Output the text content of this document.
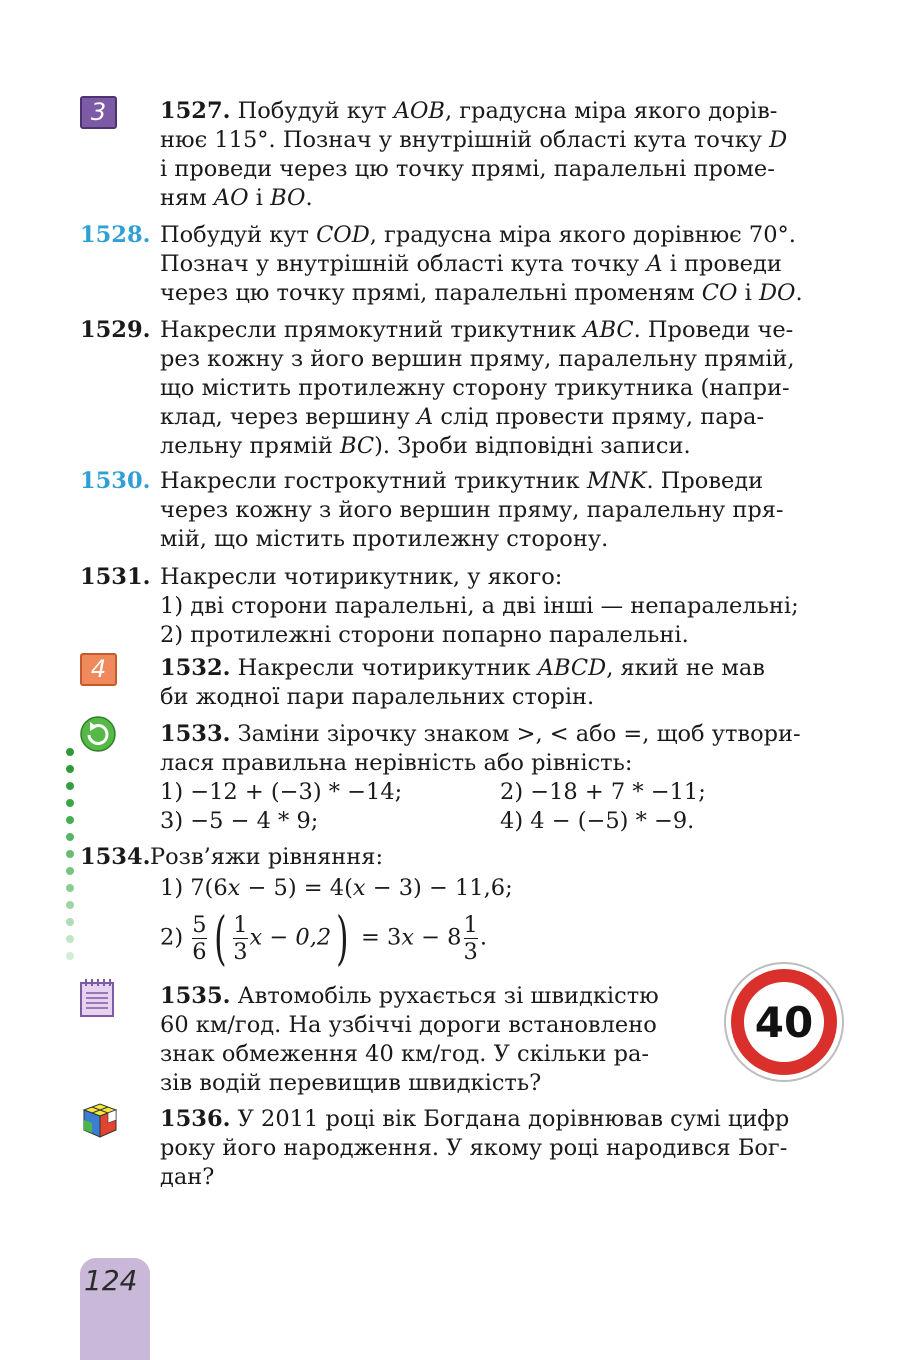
3
4
1527. Побудуй кут AOB, градусна міра якого дорів-
нює 115°. Познач у внутрішній області кута точку D
і проведи через цю точку прямі, паралельні проме-
ням AO і BO.
1528. Побудуй кут COD, градусна міра якого дорівнює 70°.
Познач у внутрішній області кута точку A і проведи
через цю точку прямі, паралельні променям CO і DO.
1529. Накресли прямокутний трикутник ABC. Проведи че-
рез кожну з його вершин пряму, паралельну прямій,
що містить протилежну сторону трикутника (напри-
клад, через вершину A слід провести пряму, пара-
лельну прямій BC). Зроби відповідні записи.
1530. Накресли гострокутний трикутник MNK. Проведи
через кожну з його вершин пряму, паралельну пря-
мій, що містить протилежну сторону.
1531. Накресли чотирикутник, у якого:
1) дві сторони паралельні, а дві інші — непаралельні;
2) протилежні сторони попарно паралельні.
1532. Накресли чотирикутник ABCD, який не мав
би жодної пари паралельних сторін.
1533. Заміни зірочку знаком >, < або =, щоб утвори-
лася правильна нерівність або рівність:
1) −12 + (−3) * −14;	2) −18 + 7 * −11;
3) −5 − 4 * 9;	4) 4 − (−5) * −9.
1534. Розв’яжи рівняння:
1) 7(6x − 5) = 4(x − 3) − 11,6;
$2) \frac{5}{6}$ ( $\frac{1}{3}$ $x - 0,2) = 3x - 8 \frac{1}{3}$ .
1535. Автомобіль рухається зі швидкістю
60 км/год. На узбіччі дороги встановлено
знак обмеження 40 км/год. У скільки ра-
зів водій перевищив швидкість?
40
1536. У 2011 році вік Богдана дорівнював сумі цифр
року його народження. У якому році народився Бог-
дан?
124
